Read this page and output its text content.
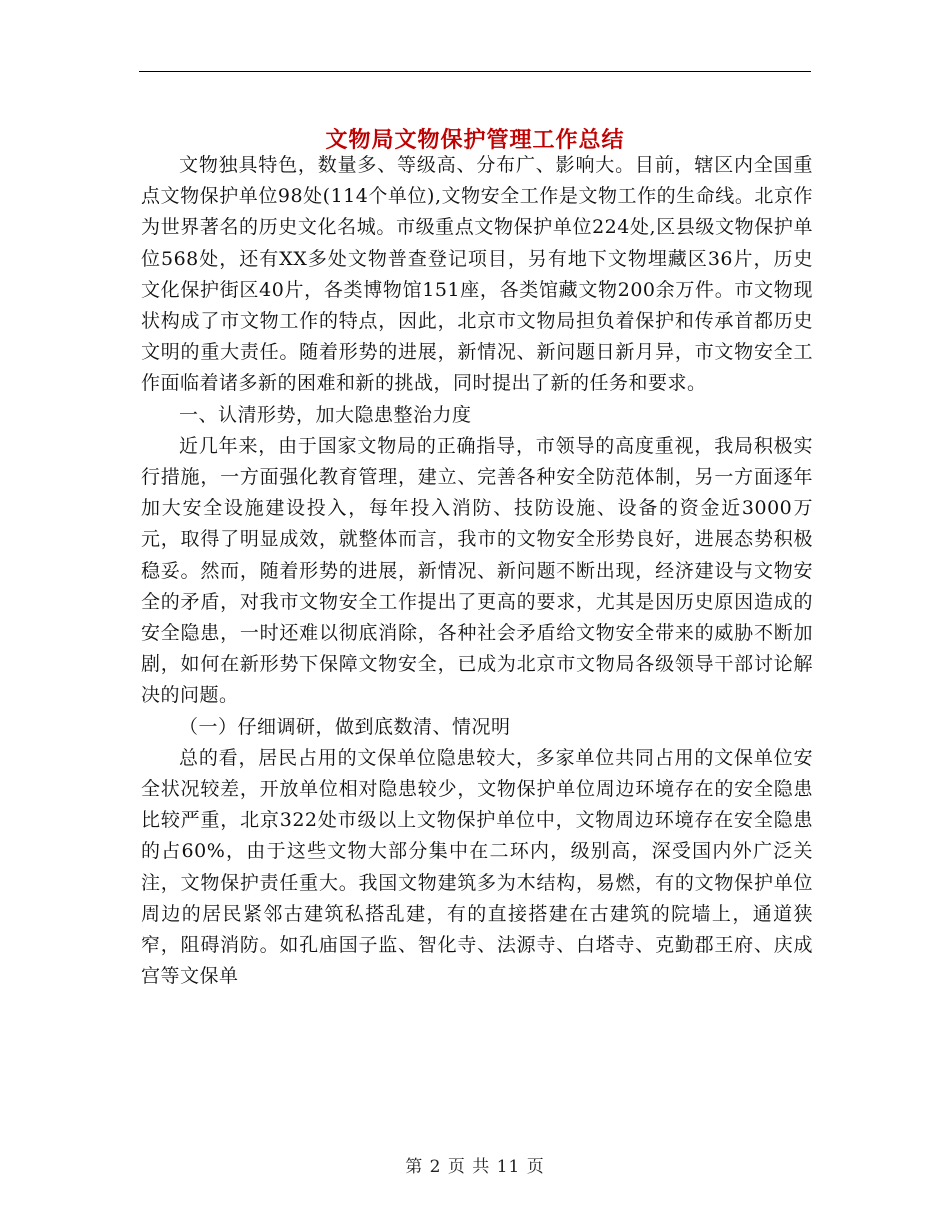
文物局文物保护管理工作总结

文物独具特色，数量多、等级高、分布广、影响大。目前，辖区内全国重点文物保护单位98处(114个单位),文物安全工作是文物工作的生命线。北京作为世界著名的历史文化名城。市级重点文物保护单位224处,区县级文物保护单位568处，还有XX多处文物普查登记项目，另有地下文物埋藏区36片，历史文化保护街区40片，各类博物馆151座，各类馆藏文物200余万件。市文物现状构成了市文物工作的特点，因此，北京市文物局担负着保护和传承首都历史文明的重大责任。随着形势的进展，新情况、新问题日新月异，市文物安全工作面临着诸多新的困难和新的挑战，同时提出了新的任务和要求。

一、认清形势，加大隐患整治力度

近几年来，由于国家文物局的正确指导，市领导的高度重视，我局积极实行措施，一方面强化教育管理，建立、完善各种安全防范体制，另一方面逐年加大安全设施建设投入，每年投入消防、技防设施、设备的资金近3000万元，取得了明显成效，就整体而言，我市的文物安全形势良好，进展态势积极稳妥。然而，随着形势的进展，新情况、新问题不断出现，经济建设与文物安全的矛盾，对我市文物安全工作提出了更高的要求，尤其是因历史原因造成的安全隐患，一时还难以彻底消除，各种社会矛盾给文物安全带来的威胁不断加剧，如何在新形势下保障文物安全，已成为北京市文物局各级领导干部讨论解决的问题。

（一）仔细调研，做到底数清、情况明

总的看，居民占用的文保单位隐患较大，多家单位共同占用的文保单位安全状况较差，开放单位相对隐患较少，文物保护单位周边环境存在的安全隐患比较严重，北京322处市级以上文物保护单位中，文物周边环境存在安全隐患的占60%，由于这些文物大部分集中在二环内，级别高，深受国内外广泛关注，文物保护责任重大。我国文物建筑多为木结构，易燃，有的文物保护单位周边的居民紧邻古建筑私搭乱建，有的直接搭建在古建筑的院墙上，通道狭窄，阻碍消防。如孔庙国子监、智化寺、法源寺、白塔寺、克勤郡王府、庆成宫等文保单

第 2 页 共 11 页
